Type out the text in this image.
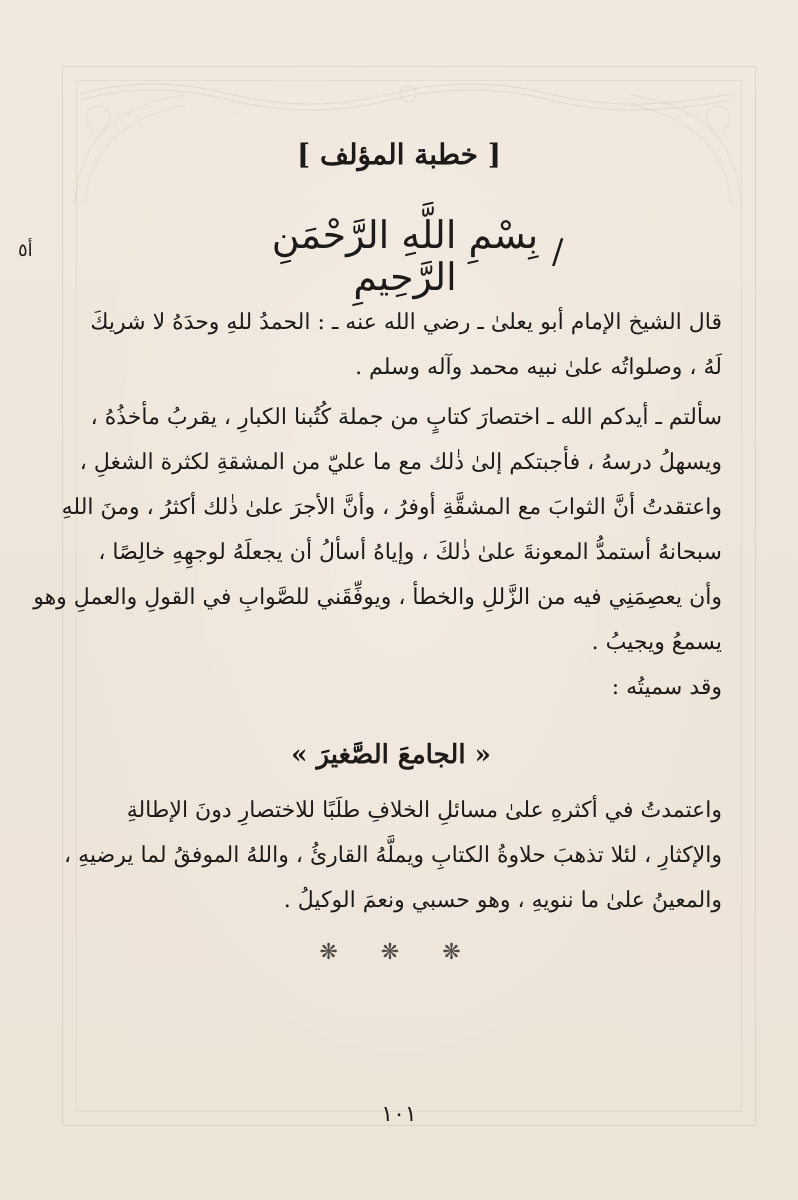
[ خطبة المؤلف ]
أ٥	/
بِسْمِ اللَّهِ الرَّحْمَنِ الرَّحِيمِ
قال الشيخ الإمام أبو يعلىٰ ـ رضي الله عنه ـ : الحمدُ للهِ وحدَهُ لا شريكَ
لَهُ ، وصلواتُه علىٰ نبيه محمد وآله وسلم .
سألتم ـ أيدكم الله ـ اختصارَ كتابٍ من جملة كُتُبنا الكبارِ ، يقربُ مأخذُهُ ،
ويسهلُ درسهُ ، فأجبتكم إلىٰ ذٰلك مع ما عليّ من المشقةِ لكثرة الشغلِ ،
واعتقدتُ أنَّ الثوابَ مع المشقَّةِ أوفرُ ، وأنَّ الأجرَ علىٰ ذٰلك أكثرُ ، ومنَ اللهِ
سبحانهُ أستمدُّ المعونةَ علىٰ ذٰلكَ ، وإياهُ أسألُ أن يجعلَهُ لوجهِهِ خالِصًا ،
وأن يعصِمَنِي فيه من الزَّللِ والخطأ ، ويوفِّقَني للصَّوابِ في القولِ والعملِ وهو
يسمعُ ويجيبُ .
وقد سميتُه :
« الجامعَ الصَّغيرَ »
واعتمدتُ في أكثرهِ علىٰ مسائلِ الخلافِ طلَبًا للاختصارِ دونَ الإطالةِ
والإكثارِ ، لئلا تذهبَ حلاوةُ الكتابِ ويملَّهُ القارئُ ، واللهُ الموفقُ لما يرضيهِ ،
والمعينُ علىٰ ما ننويهِ ، وهو حسبي ونعمَ الوكيلُ .
❋ ❋ ❋
١٠١
